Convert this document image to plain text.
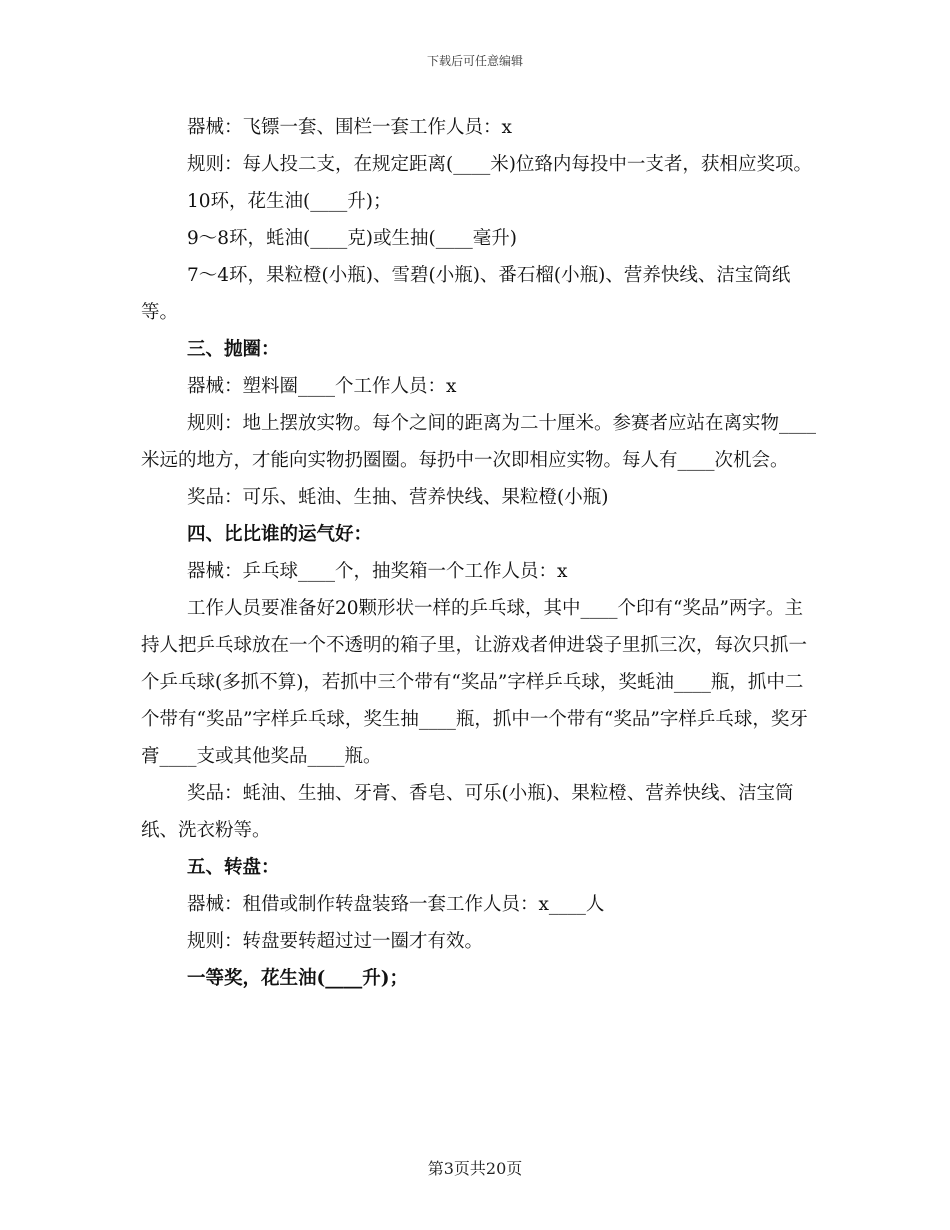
下载后可任意编辑

器械：飞镖一套、围栏一套工作人员：x

规则：每人投二支，在规定距离(____米)位臵内每投中一支者，获相应奖项。

10环，花生油(____升)；

9～8环，蚝油(____克)或生抽(____毫升)

7～4环，果粒橙(小瓶)、雪碧(小瓶)、番石榴(小瓶)、营养快线、洁宝筒纸等。

三、抛圈：

器械：塑料圈____个工作人员：x

规则：地上摆放实物。每个之间的距离为二十厘米。参赛者应站在离实物____米远的地方，才能向实物扔圈圈。每扔中一次即相应实物。每人有____次机会。

奖品：可乐、蚝油、生抽、营养快线、果粒橙(小瓶)

四、比比谁的运气好：

器械：乒乓球____个，抽奖箱一个工作人员：x

工作人员要准备好20颗形状一样的乒乓球，其中____个印有“奖品”两字。主持人把乒乓球放在一个不透明的箱子里，让游戏者伸进袋子里抓三次，每次只抓一个乒乓球(多抓不算)，若抓中三个带有“奖品”字样乒乓球，奖蚝油____瓶，抓中二个带有“奖品”字样乒乓球，奖生抽____瓶，抓中一个带有“奖品”字样乒乓球，奖牙膏____支或其他奖品____瓶。

奖品：蚝油、生抽、牙膏、香皂、可乐(小瓶)、果粒橙、营养快线、洁宝筒纸、洗衣粉等。

五、转盘：

器械：租借或制作转盘装臵一套工作人员：x____人

规则：转盘要转超过过一圈才有效。

一等奖，花生油(____升)；

第3页共20页
